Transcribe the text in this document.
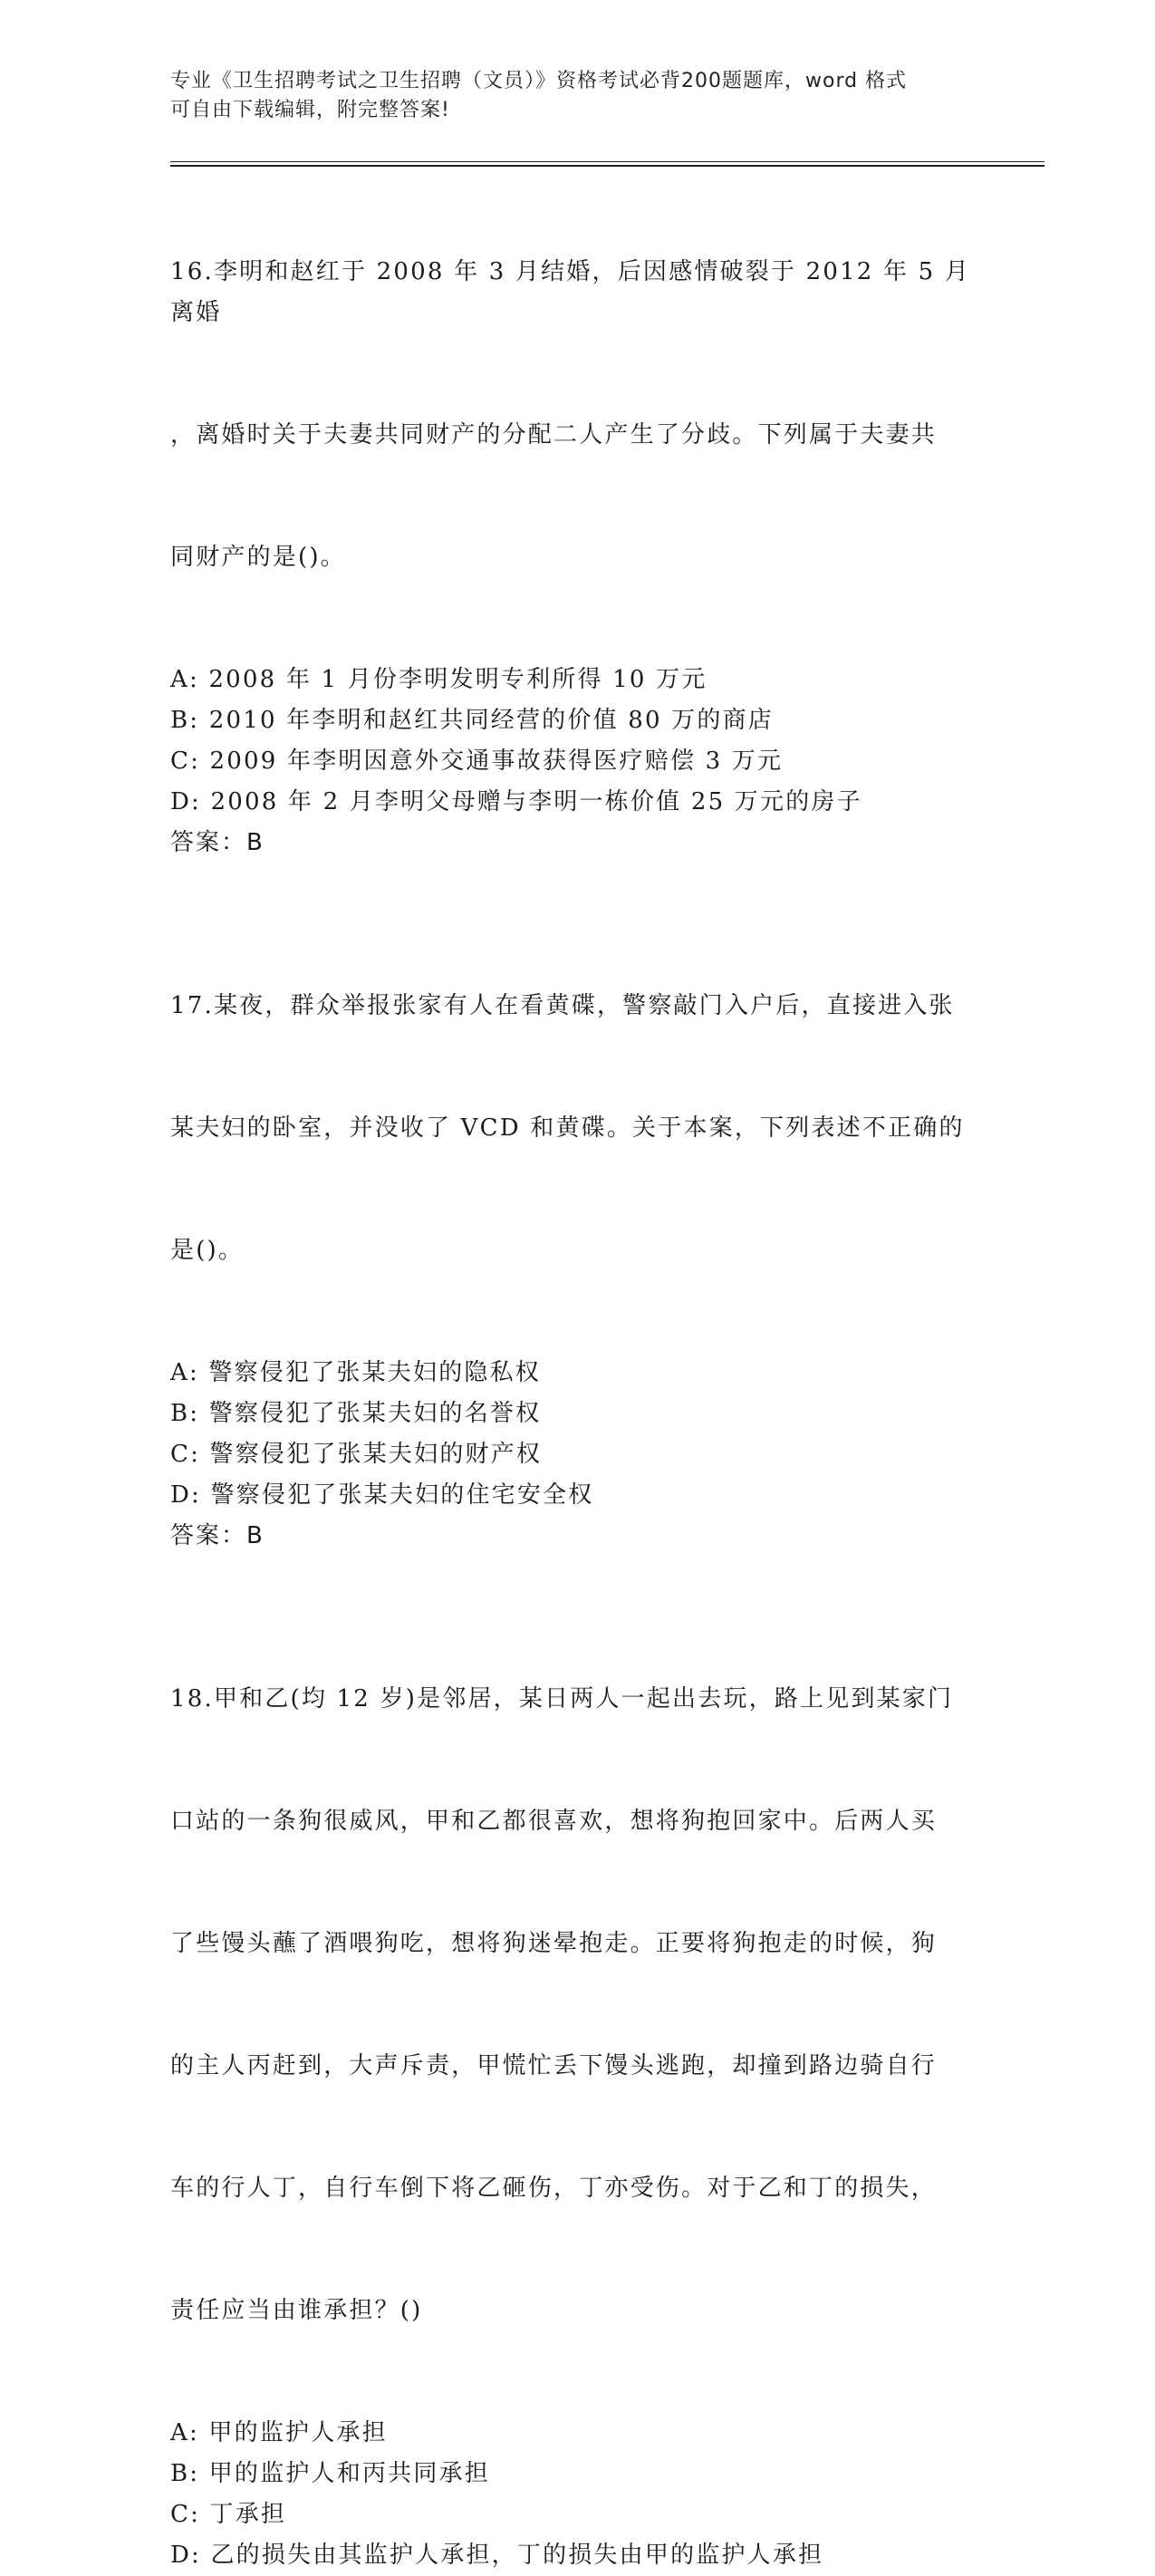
专业《卫生招聘考试之卫生招聘（文员）》资格考试必背200题题库，word 格式
可自由下载编辑，附完整答案!

16.李明和赵红于 2008 年 3 月结婚，后因感情破裂于 2012 年 5 月离婚

，离婚时关于夫妻共同财产的分配二人产生了分歧。下列属于夫妻共

同财产的是()。

A: 2008 年 1 月份李明发明专利所得 10 万元
B: 2010 年李明和赵红共同经营的价值 80 万的商店
C: 2009 年李明因意外交通事故获得医疗赔偿 3 万元
D: 2008 年 2 月李明父母赠与李明一栋价值 25 万元的房子
答案：B

17.某夜，群众举报张家有人在看黄碟，警察敲门入户后，直接进入张

某夫妇的卧室，并没收了 VCD 和黄碟。关于本案，下列表述不正确的

是()。

A: 警察侵犯了张某夫妇的隐私权
B: 警察侵犯了张某夫妇的名誉权
C: 警察侵犯了张某夫妇的财产权
D: 警察侵犯了张某夫妇的住宅安全权
答案：B

18.甲和乙(均 12 岁)是邻居，某日两人一起出去玩，路上见到某家门

口站的一条狗很威风，甲和乙都很喜欢，想将狗抱回家中。后两人买

了些馒头蘸了酒喂狗吃，想将狗迷晕抱走。正要将狗抱走的时候，狗

的主人丙赶到，大声斥责，甲慌忙丢下馒头逃跑，却撞到路边骑自行

车的行人丁，自行车倒下将乙砸伤，丁亦受伤。对于乙和丁的损失，

责任应当由谁承担？()

A: 甲的监护人承担
B: 甲的监护人和丙共同承担
C: 丁承担
D: 乙的损失由其监护人承担，丁的损失由甲的监护人承担
